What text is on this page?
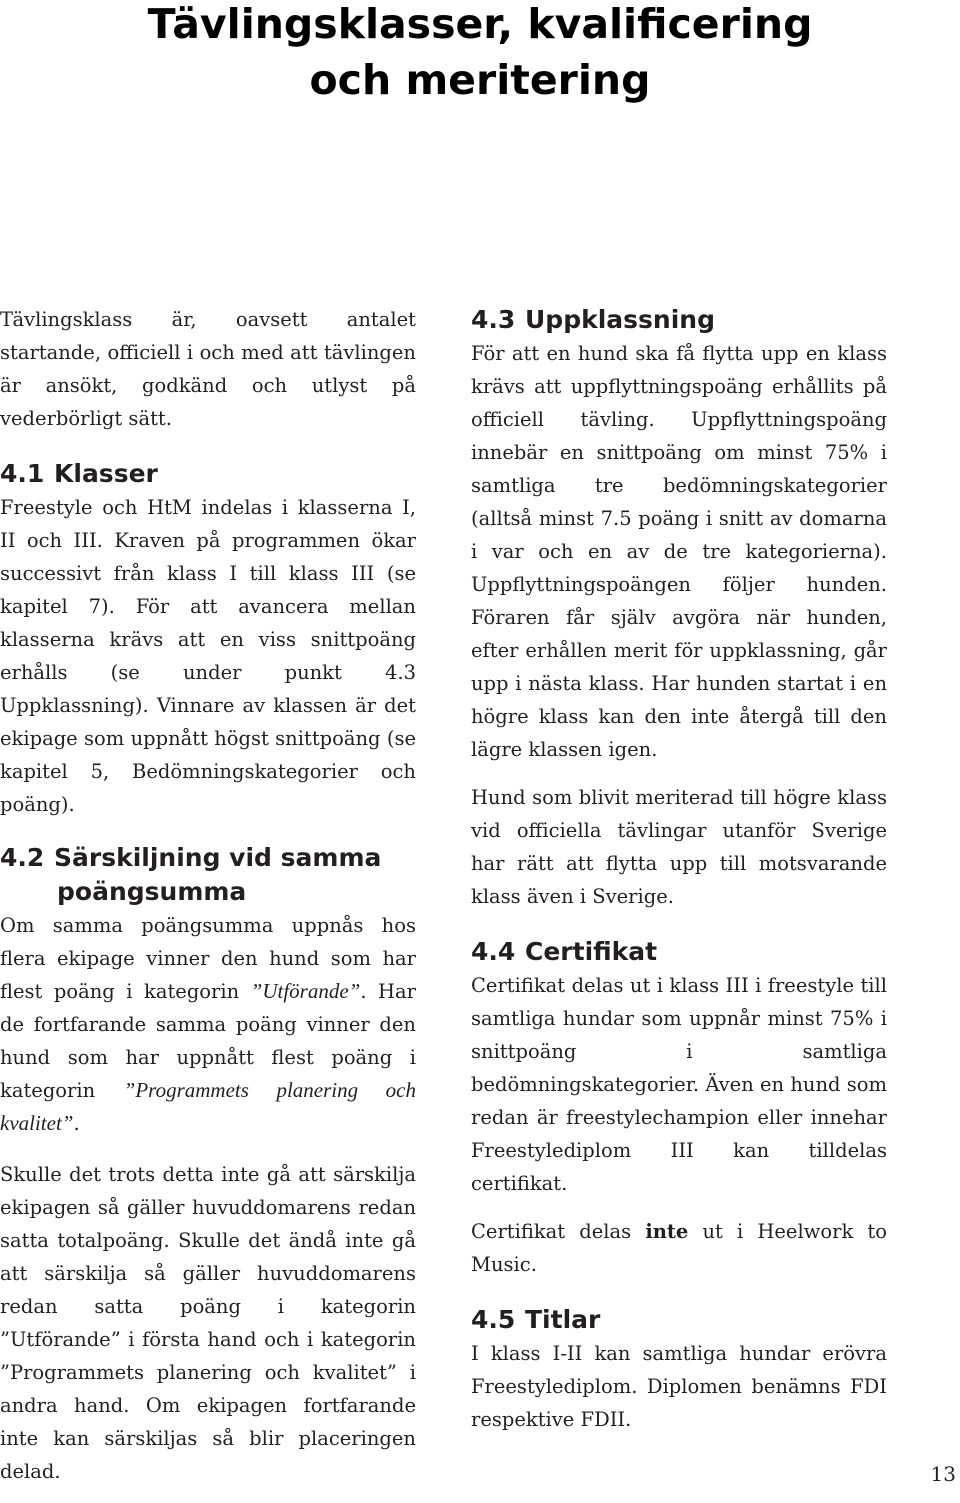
Tävlingsklasser, kvalificering
och meritering

Tävlingsklass är, oavsett antalet startande, officiell i och med att tävlingen är ansökt, godkänd och utlyst på vederbörligt sätt.

4.1 Klasser

Freestyle och HtM indelas i klasserna I, II och III. Kraven på programmen ökar successivt från klass I till klass III (se kapitel 7). För att avancera mellan klasserna krävs att en viss snittpoäng erhålls (se under punkt 4.3 Uppklassning). Vinnare av klassen är det ekipage som uppnått högst snittpoäng (se kapitel 5, Bedömningskategorier och poäng).

4.2 Särskiljning vid samma
poängsumma

Om samma poängsumma uppnås hos flera ekipage vinner den hund som har flest poäng i kategorin ”Utförande”. Har de fortfarande samma poäng vinner den hund som har uppnått flest poäng i kategorin ”Programmets planering och kvalitet”.

Skulle det trots detta inte gå att särskilja ekipagen så gäller huvuddomarens redan satta totalpoäng. Skulle det ändå inte gå att särskilja så gäller huvuddomarens redan satta poäng i kategorin ”Utförande” i första hand och i kategorin ”Programmets planering och kvalitet” i andra hand. Om ekipagen fortfarande inte kan särskiljas så blir placeringen delad.

4.3 Uppklassning

För att en hund ska få flytta upp en klass krävs att uppflyttningspoäng erhållits på officiell tävling. Uppflyttningspoäng innebär en snittpoäng om minst 75% i samtliga tre bedömningskategorier (alltså minst 7.5 poäng i snitt av domarna i var och en av de tre kategorierna). Uppflyttningspoängen följer hunden. Föraren får själv avgöra när hunden, efter erhållen merit för uppklassning, går upp i nästa klass. Har hunden startat i en högre klass kan den inte återgå till den lägre klassen igen.

Hund som blivit meriterad till högre klass vid officiella tävlingar utanför Sverige har rätt att flytta upp till motsvarande klass även i Sverige.

4.4 Certifikat

Certifikat delas ut i klass III i freestyle till samtliga hundar som uppnår minst 75% i snittpoäng i samtliga bedömningskategorier. Även en hund som redan är freestylechampion eller innehar Freestylediplom III kan tilldelas certifikat.

Certifikat delas inte ut i Heelwork to Music.

4.5 Titlar

I klass I-II kan samtliga hundar erövra Freestylediplom. Diplomen benämns FDI respektive FDII.

13
